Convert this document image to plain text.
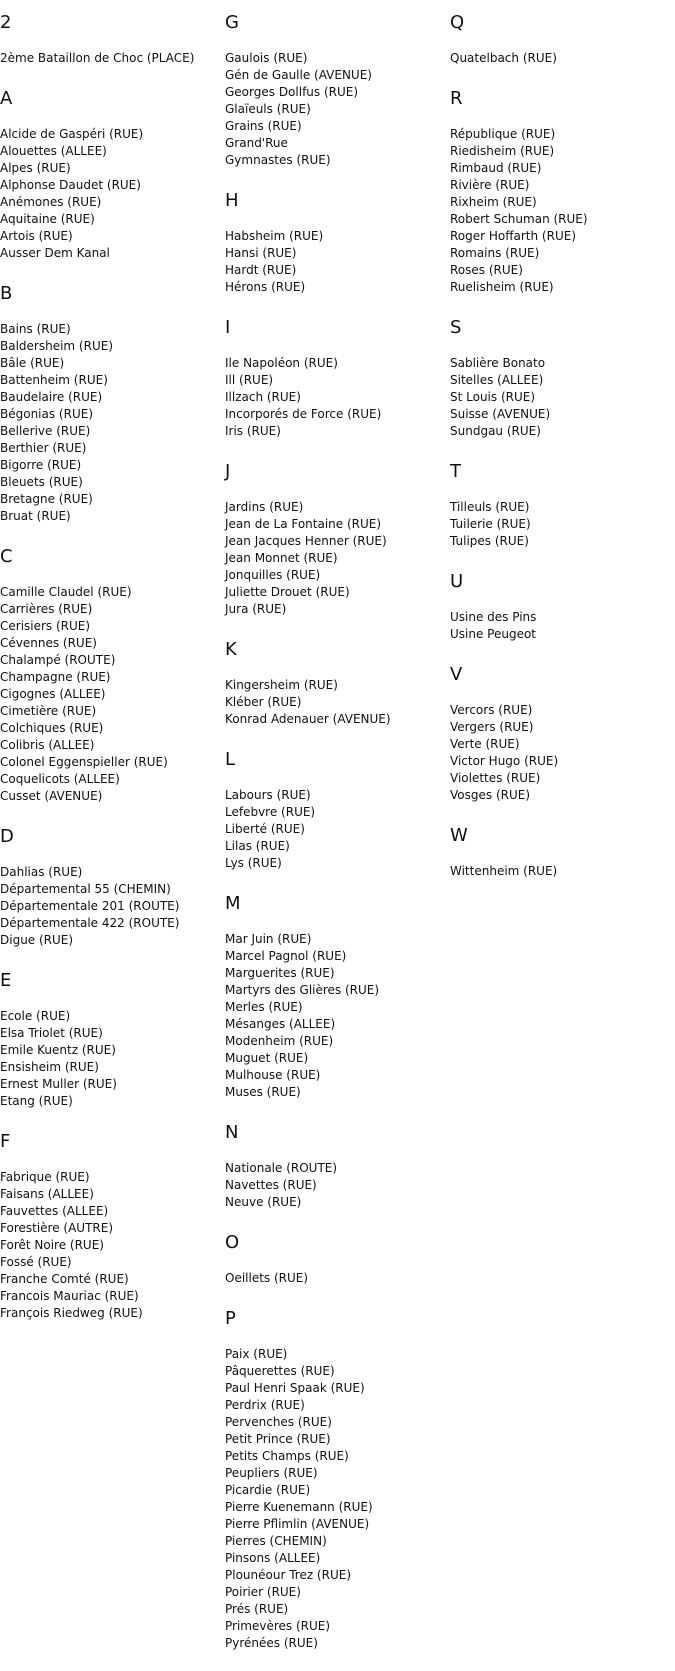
2
2ème Bataillon de Choc (PLACE)
A
Alcide de Gaspéri (RUE)
Alouettes (ALLEE)
Alpes (RUE)
Alphonse Daudet (RUE)
Anémones (RUE)
Aquitaine (RUE)
Artois (RUE)
Ausser Dem Kanal
B
Bains (RUE)
Baldersheim (RUE)
Bâle (RUE)
Battenheim (RUE)
Baudelaire (RUE)
Bégonias (RUE)
Bellerive (RUE)
Berthier (RUE)
Bigorre (RUE)
Bleuets (RUE)
Bretagne (RUE)
Bruat (RUE)
C
Camille Claudel (RUE)
Carrières (RUE)
Cerisiers (RUE)
Cévennes (RUE)
Chalampé (ROUTE)
Champagne (RUE)
Cigognes (ALLEE)
Cimetière (RUE)
Colchiques (RUE)
Colibris (ALLEE)
Colonel Eggenspieller (RUE)
Coquelicots (ALLEE)
Cusset (AVENUE)
D
Dahlias (RUE)
Départemental 55 (CHEMIN)
Départementale 201 (ROUTE)
Départementale 422 (ROUTE)
Digue (RUE)
E
Ecole (RUE)
Elsa Triolet (RUE)
Emile Kuentz (RUE)
Ensisheim (RUE)
Ernest Muller (RUE)
Etang (RUE)
F
Fabrique (RUE)
Faisans (ALLEE)
Fauvettes (ALLEE)
Forestière (AUTRE)
Forêt Noire (RUE)
Fossé (RUE)
Franche Comté (RUE)
Francois Mauriac (RUE)
François Riedweg (RUE)
G
Gaulois (RUE)
Gén de Gaulle (AVENUE)
Georges Dollfus (RUE)
Glaïeuls (RUE)
Grains (RUE)
Grand'Rue
Gymnastes (RUE)
H
Habsheim (RUE)
Hansi (RUE)
Hardt (RUE)
Hérons (RUE)
I
Ile Napoléon (RUE)
Ill (RUE)
Illzach (RUE)
Incorporés de Force (RUE)
Iris (RUE)
J
Jardins (RUE)
Jean de La Fontaine (RUE)
Jean Jacques Henner (RUE)
Jean Monnet (RUE)
Jonquilles (RUE)
Juliette Drouet (RUE)
Jura (RUE)
K
Kingersheim (RUE)
Kléber (RUE)
Konrad Adenauer (AVENUE)
L
Labours (RUE)
Lefebvre (RUE)
Liberté (RUE)
Lilas (RUE)
Lys (RUE)
M
Mar Juin (RUE)
Marcel Pagnol (RUE)
Marguerites (RUE)
Martyrs des Glières (RUE)
Merles (RUE)
Mésanges (ALLEE)
Modenheim (RUE)
Muguet (RUE)
Mulhouse (RUE)
Muses (RUE)
N
Nationale (ROUTE)
Navettes (RUE)
Neuve (RUE)
O
Oeillets (RUE)
P
Paix (RUE)
Pâquerettes (RUE)
Paul Henri Spaak (RUE)
Perdrix (RUE)
Pervenches (RUE)
Petit Prince (RUE)
Petits Champs (RUE)
Peupliers (RUE)
Picardie (RUE)
Pierre Kuenemann (RUE)
Pierre Pflimlin (AVENUE)
Pierres (CHEMIN)
Pinsons (ALLEE)
Plounéour Trez (RUE)
Poirier (RUE)
Prés (RUE)
Primevères (RUE)
Pyrénées (RUE)
Q
Quatelbach (RUE)
R
République (RUE)
Riedisheim (RUE)
Rimbaud (RUE)
Rivière (RUE)
Rixheim (RUE)
Robert Schuman (RUE)
Roger Hoffarth (RUE)
Romains (RUE)
Roses (RUE)
Ruelisheim (RUE)
S
Sablière Bonato
Sitelles (ALLEE)
St Louis (RUE)
Suisse (AVENUE)
Sundgau (RUE)
T
Tilleuls (RUE)
Tuilerie (RUE)
Tulipes (RUE)
U
Usine des Pins
Usine Peugeot
V
Vercors (RUE)
Vergers (RUE)
Verte (RUE)
Victor Hugo (RUE)
Violettes (RUE)
Vosges (RUE)
W
Wittenheim (RUE)
